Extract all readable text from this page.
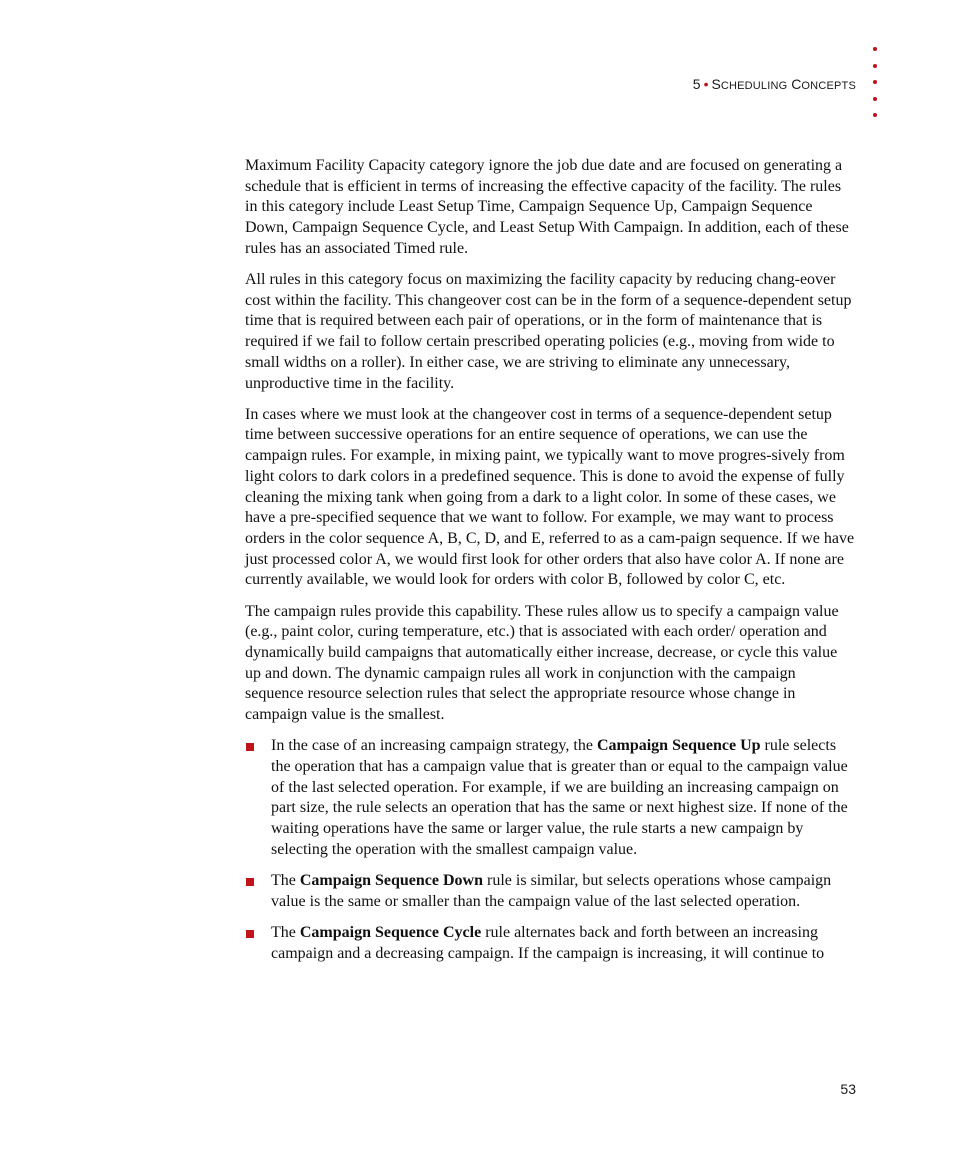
5 • SCHEDULING CONCEPTS

Maximum Facility Capacity category ignore the job due date and are focused on generating a schedule that is efficient in terms of increasing the effective capacity of the facility. The rules in this category include Least Setup Time, Campaign Sequence Up, Campaign Sequence Down, Campaign Sequence Cycle, and Least Setup With Campaign. In addition, each of these rules has an associated Timed rule.

All rules in this category focus on maximizing the facility capacity by reducing chang-eover cost within the facility. This changeover cost can be in the form of a sequence-dependent setup time that is required between each pair of operations, or in the form of maintenance that is required if we fail to follow certain prescribed operating policies (e.g., moving from wide to small widths on a roller). In either case, we are striving to eliminate any unnecessary, unproductive time in the facility.

In cases where we must look at the changeover cost in terms of a sequence-dependent setup time between successive operations for an entire sequence of operations, we can use the campaign rules. For example, in mixing paint, we typically want to move progres-sively from light colors to dark colors in a predefined sequence. This is done to avoid the expense of fully cleaning the mixing tank when going from a dark to a light color. In some of these cases, we have a pre-specified sequence that we want to follow. For example, we may want to process orders in the color sequence A, B, C, D, and E, referred to as a cam-paign sequence. If we have just processed color A, we would first look for other orders that also have color A. If none are currently available, we would look for orders with color B, followed by color C, etc.

The campaign rules provide this capability. These rules allow us to specify a campaign value (e.g., paint color, curing temperature, etc.) that is associated with each order/ operation and dynamically build campaigns that automatically either increase, decrease, or cycle this value up and down. The dynamic campaign rules all work in conjunction with the campaign sequence resource selection rules that select the appropriate resource whose change in campaign value is the smallest.

In the case of an increasing campaign strategy, the Campaign Sequence Up rule selects the operation that has a campaign value that is greater than or equal to the campaign value of the last selected operation. For example, if we are building an increasing campaign on part size, the rule selects an operation that has the same or next highest size. If none of the waiting operations have the same or larger value, the rule starts a new campaign by selecting the operation with the smallest campaign value.
The Campaign Sequence Down rule is similar, but selects operations whose campaign value is the same or smaller than the campaign value of the last selected operation.
The Campaign Sequence Cycle rule alternates back and forth between an increasing campaign and a decreasing campaign. If the campaign is increasing, it will continue to
53
